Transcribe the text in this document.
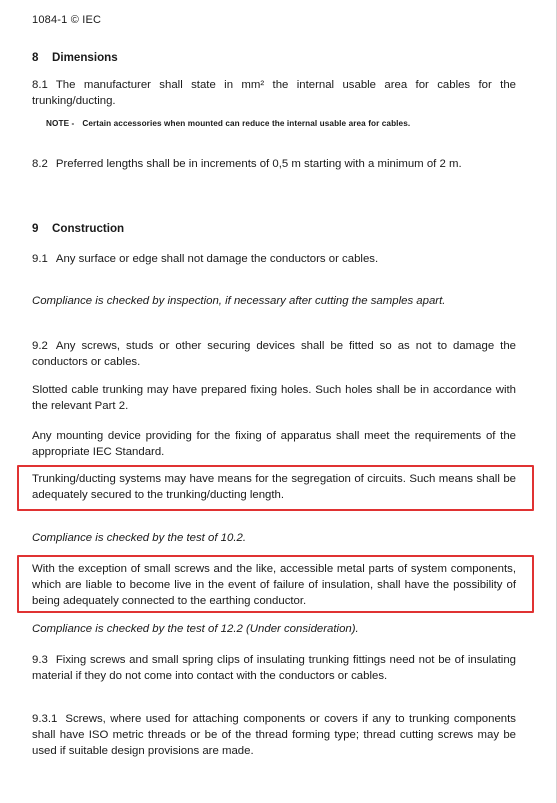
1084-1 © IEC
8 Dimensions
8.1 The manufacturer shall state in mm² the internal usable area for cables for the trunking/ducting.
NOTE - Certain accessories when mounted can reduce the internal usable area for cables.
8.2 Preferred lengths shall be in increments of 0,5 m starting with a minimum of 2 m.
9 Construction
9.1 Any surface or edge shall not damage the conductors or cables.
Compliance is checked by inspection, if necessary after cutting the samples apart.
9.2 Any screws, studs or other securing devices shall be fitted so as not to damage the conductors or cables.
Slotted cable trunking may have prepared fixing holes. Such holes shall be in accordance with the relevant Part 2.
Any mounting device providing for the fixing of apparatus shall meet the requirements of the appropriate IEC Standard.
Trunking/ducting systems may have means for the segregation of circuits. Such means shall be adequately secured to the trunking/ducting length.
Compliance is checked by the test of 10.2.
With the exception of small screws and the like, accessible metal parts of system components, which are liable to become live in the event of failure of insulation, shall have the possibility of being adequately connected to the earthing conductor.
Compliance is checked by the test of 12.2 (Under consideration).
9.3 Fixing screws and small spring clips of insulating trunking fittings need not be of insulating material if they do not come into contact with the conductors or cables.
9.3.1 Screws, where used for attaching components or covers if any to trunking components shall have ISO metric threads or be of the thread forming type; thread cutting screws may be used if suitable design provisions are made.
